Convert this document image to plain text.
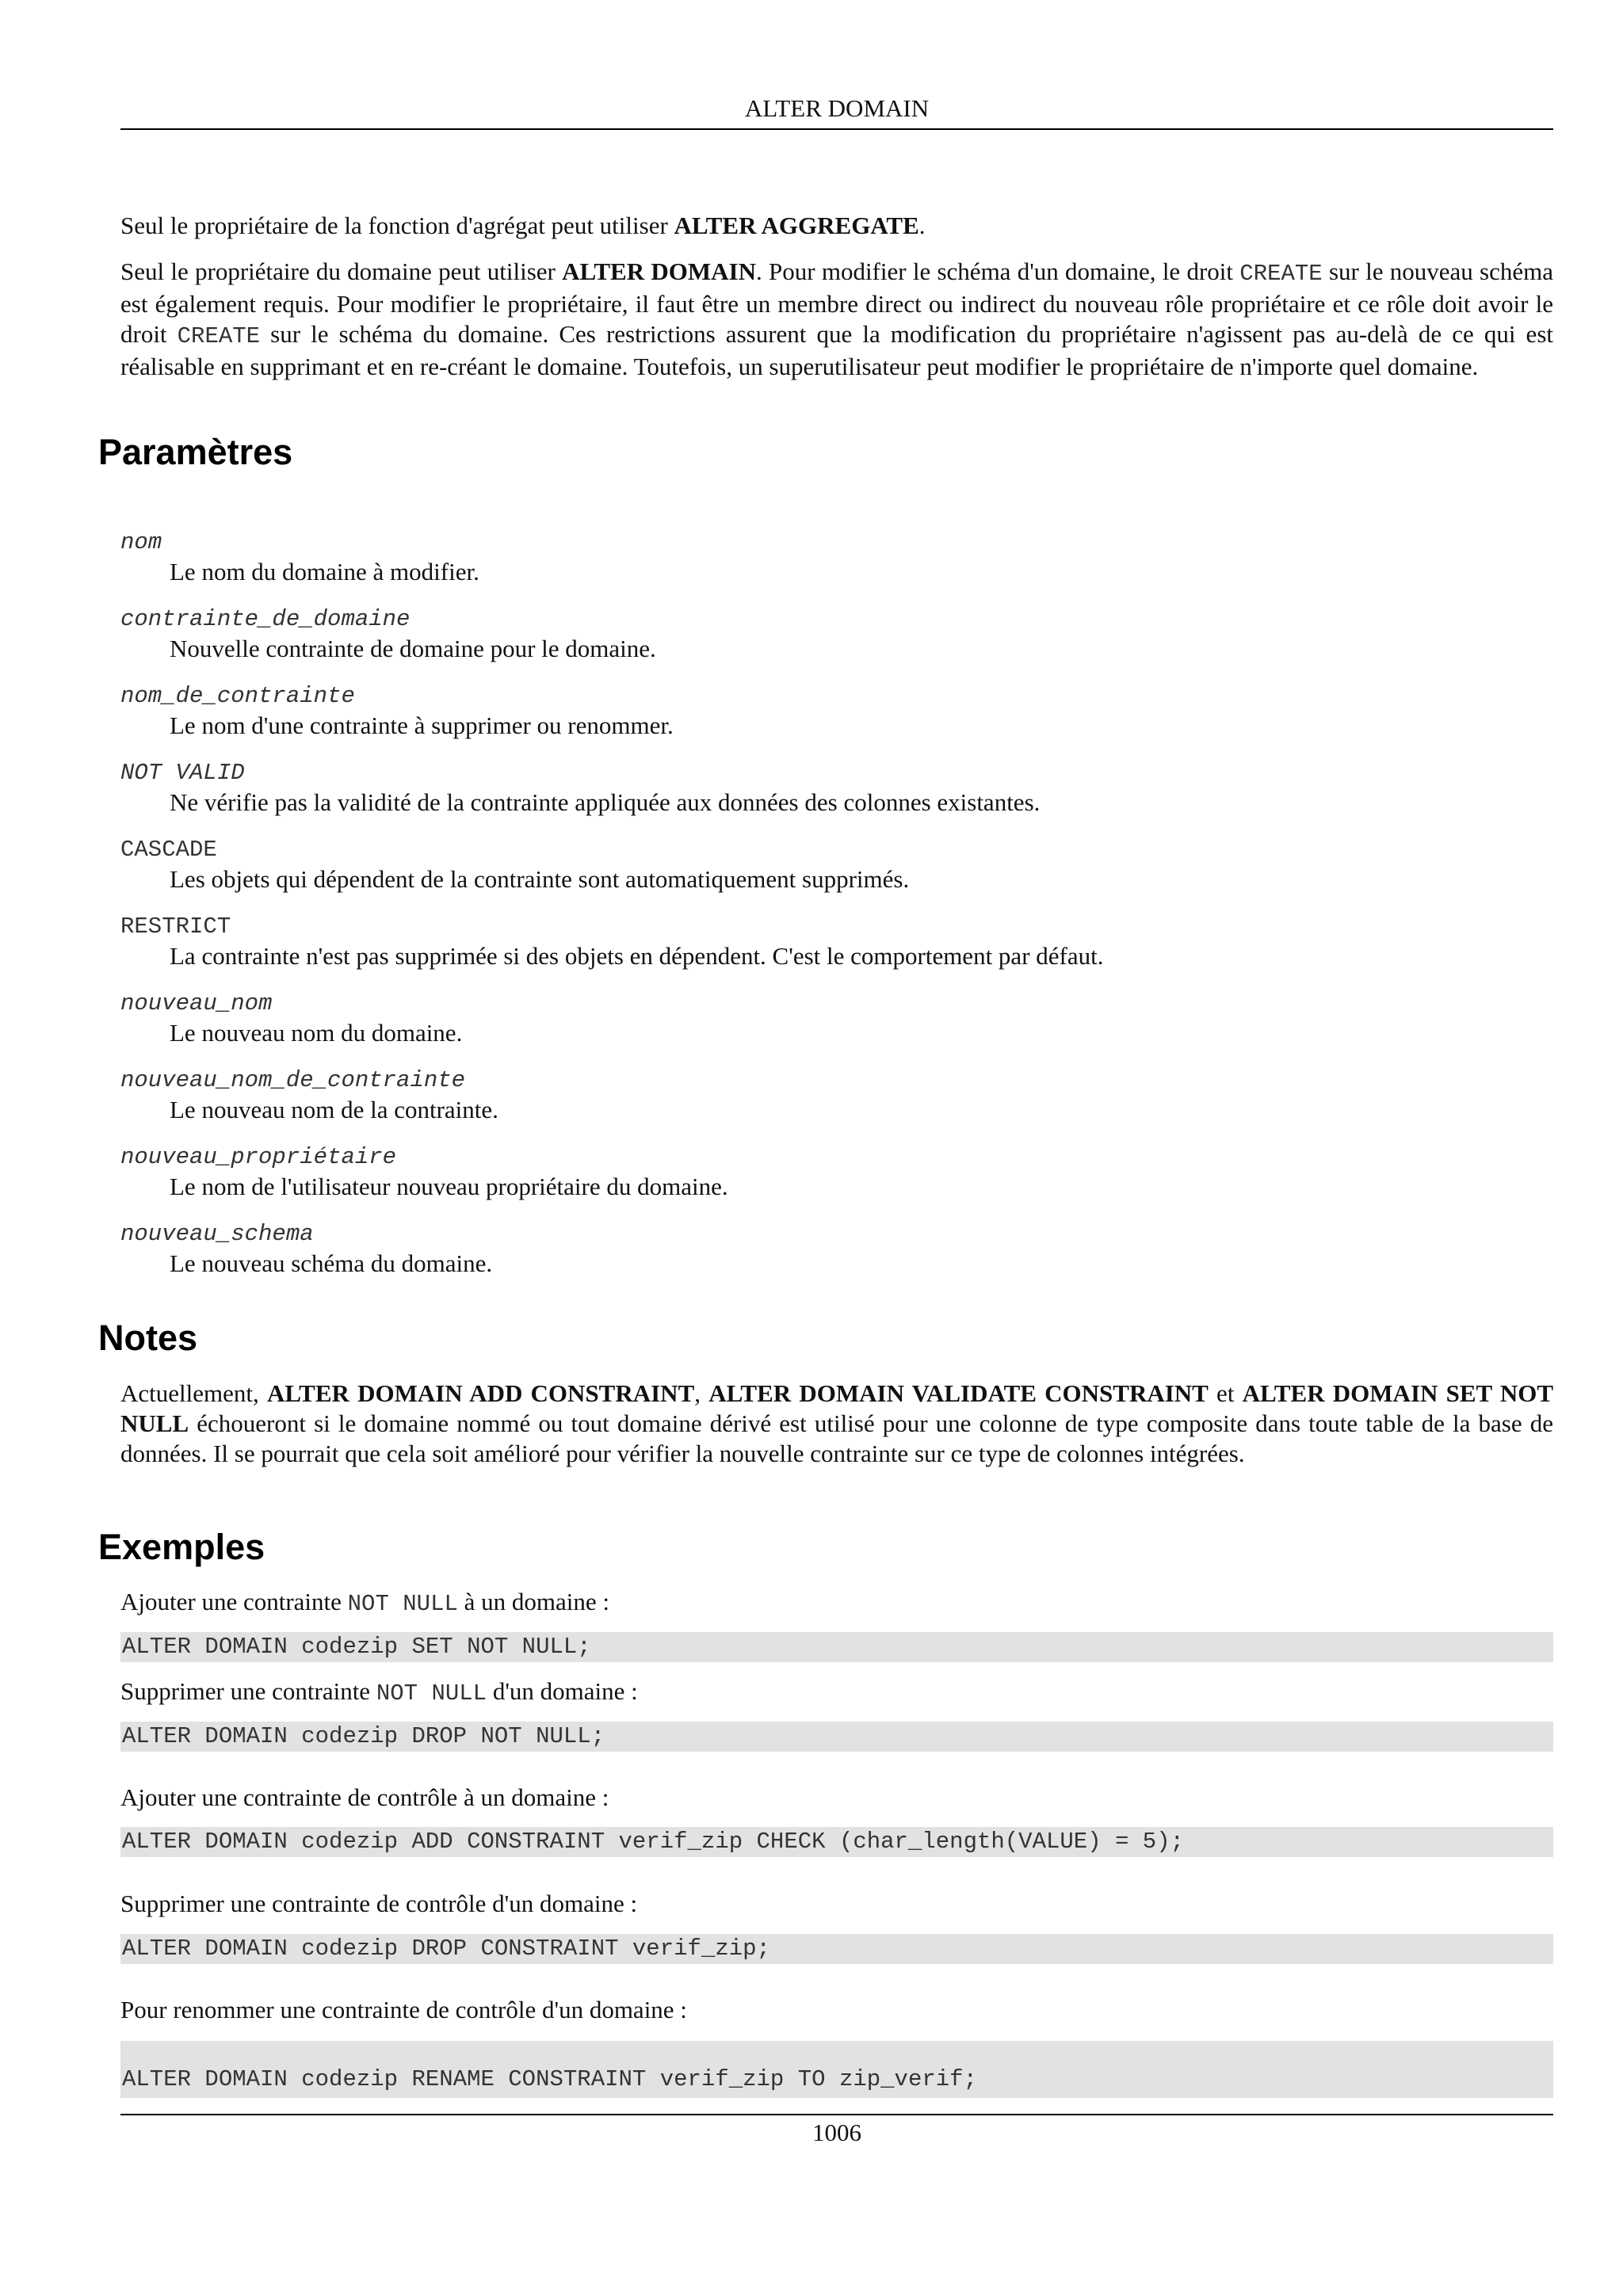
ALTER DOMAIN

Seul le propriétaire de la fonction d'agrégat peut utiliser ALTER AGGREGATE.

Seul le propriétaire du domaine peut utiliser ALTER DOMAIN. Pour modifier le schéma d'un domaine, le droit CREATE sur le nouveau schéma est également requis. Pour modifier le propriétaire, il faut être un membre direct ou indirect du nouveau rôle propriétaire et ce rôle doit avoir le droit CREATE sur le schéma du domaine. Ces restrictions assurent que la modification du propriétaire n'agissent pas au-delà de ce qui est réalisable en supprimant et en re-créant le domaine. Toutefois, un superutilisateur peut modifier le propriétaire de n'importe quel domaine.

Paramètres
nom
Le nom du domaine à modifier.
contrainte_de_domaine
Nouvelle contrainte de domaine pour le domaine.
nom_de_contrainte
Le nom d'une contrainte à supprimer ou renommer.
NOT VALID
Ne vérifie pas la validité de la contrainte appliquée aux données des colonnes existantes.
CASCADE
Les objets qui dépendent de la contrainte sont automatiquement supprimés.
RESTRICT
La contrainte n'est pas supprimée si des objets en dépendent. C'est le comportement par défaut.
nouveau_nom
Le nouveau nom du domaine.
nouveau_nom_de_contrainte
Le nouveau nom de la contrainte.
nouveau_propriétaire
Le nom de l'utilisateur nouveau propriétaire du domaine.
nouveau_schema
Le nouveau schéma du domaine.
Notes

Actuellement, ALTER DOMAIN ADD CONSTRAINT, ALTER DOMAIN VALIDATE CONSTRAINT et ALTER DOMAIN SET NOT NULL échoueront si le domaine nommé ou tout domaine dérivé est utilisé pour une colonne de type composite dans toute table de la base de données. Il se pourrait que cela soit amélioré pour vérifier la nouvelle contrainte sur ce type de colonnes intégrées.

Exemples
Ajouter une contrainte NOT NULL à un domaine :
ALTER DOMAIN codezip SET NOT NULL;
Supprimer une contrainte NOT NULL d'un domaine :
ALTER DOMAIN codezip DROP NOT NULL;
Ajouter une contrainte de contrôle à un domaine :
ALTER DOMAIN codezip ADD CONSTRAINT verif_zip CHECK (char_length(VALUE) = 5);
Supprimer une contrainte de contrôle d'un domaine :
ALTER DOMAIN codezip DROP CONSTRAINT verif_zip;
Pour renommer une contrainte de contrôle d'un domaine :
ALTER DOMAIN codezip RENAME CONSTRAINT verif_zip TO zip_verif;
1006
